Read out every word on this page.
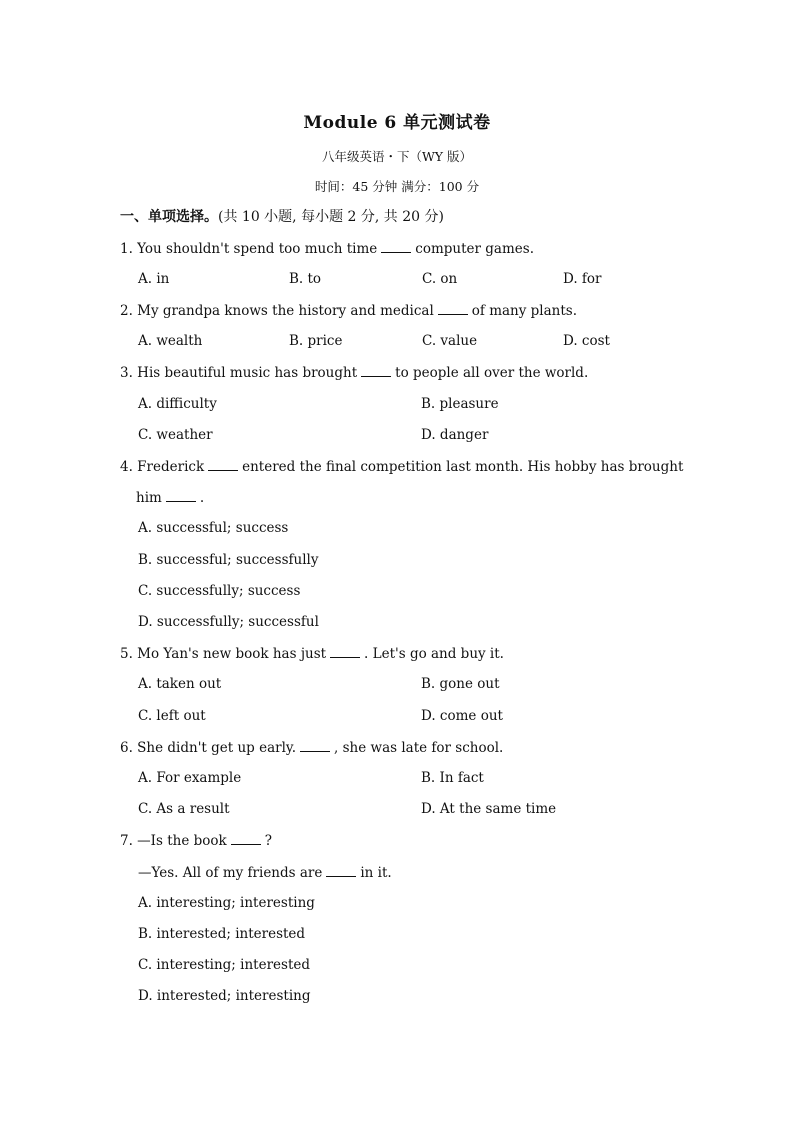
Module 6 单元测试卷
八年级英语・下（WY 版）
时间：45 分钟 满分：100 分
一、单项选择。(共 10 小题, 每小题 2 分, 共 20 分)
1. You shouldn't spend too much time	computer games.
A. in	B. to	C. on	D. for
2. My grandpa knows the history and medical	of many plants.
A. wealth	B. price	C. value	D. cost
3. His beautiful music has brought	to people all over the world.
A. difficulty	B. pleasure
C. weather	D. danger
4. Frederick	entered the final competition last month. His hobby has brought
him	.
A. successful; success
B. successful; successfully
C. successfully; success
D. successfully; successful
5. Mo Yan's new book has just	. Let's go and buy it.
A. taken out	B. gone out
C. left out	D. come out
6. She didn't get up early.	, she was late for school.
A. For example	B. In fact
C. As a result	D. At the same time
7. —Is the book	?
—Yes. All of my friends are	in it.
A. interesting; interesting
B. interested; interested
C. interesting; interested
D. interested; interesting
